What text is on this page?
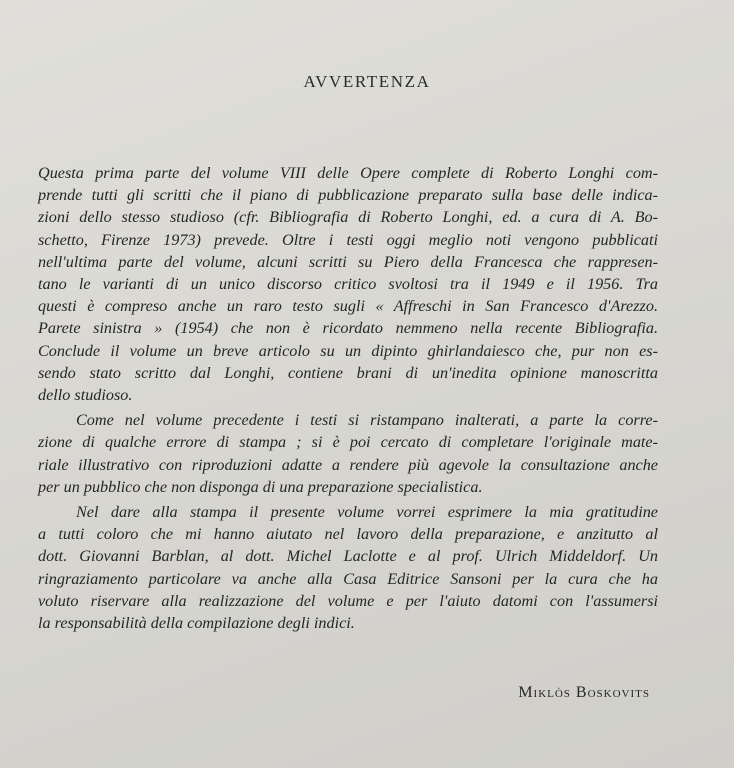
AVVERTENZA
Questa prima parte del volume VIII delle Opere complete di Roberto Longhi com-
prende tutti gli scritti che il piano di pubblicazione preparato sulla base delle indica-
zioni dello stesso studioso (cfr. Bibliografia di Roberto Longhi, ed. a cura di A. Bo-
schetto, Firenze 1973) prevede. Oltre i testi oggi meglio noti vengono pubblicati
nell'ultima parte del volume, alcuni scritti su Piero della Francesca che rappresen-
tano le varianti di un unico discorso critico svoltosi tra il 1949 e il 1956. Tra
questi è compreso anche un raro testo sugli « Affreschi in San Francesco d'Arezzo.
Parete sinistra » (1954) che non è ricordato nemmeno nella recente Bibliografia.
Conclude il volume un breve articolo su un dipinto ghirlandaiesco che, pur non es-
sendo stato scritto dal Longhi, contiene brani di un'inedita opinione manoscritta
dello studioso.
Come nel volume precedente i testi si ristampano inalterati, a parte la corre-
zione di qualche errore di stampa ; si è poi cercato di completare l'originale mate-
riale illustrativo con riproduzioni adatte a rendere più agevole la consultazione anche
per un pubblico che non disponga di una preparazione specialistica.
Nel dare alla stampa il presente volume vorrei esprimere la mia gratitudine
a tutti coloro che mi hanno aiutato nel lavoro della preparazione, e anzitutto al
dott. Giovanni Barblan, al dott. Michel Laclotte e al prof. Ulrich Middeldorf. Un
ringraziamento particolare va anche alla Casa Editrice Sansoni per la cura che ha
voluto riservare alla realizzazione del volume e per l'aiuto datomi con l'assumersi
la responsabilità della compilazione degli indici.
Miklòs Boskovits
